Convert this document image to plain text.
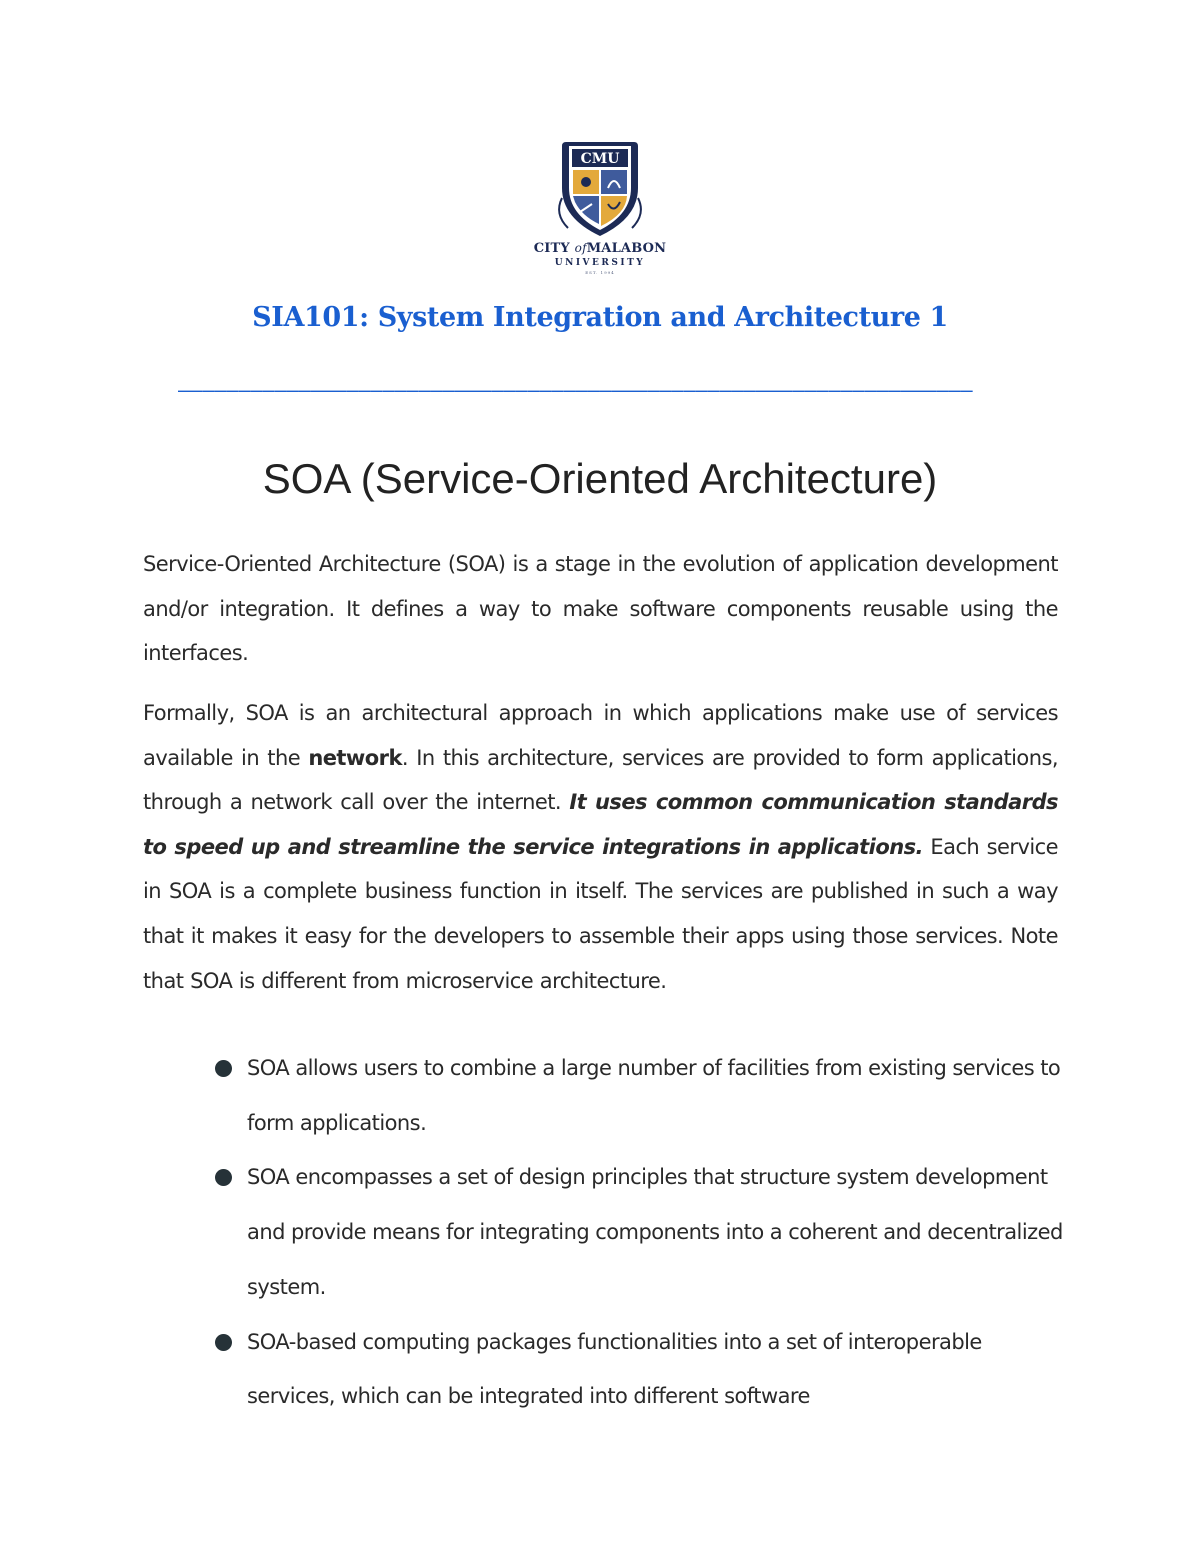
CMU
CITY ofMALABON
UNIVERSITY
EST. 1994
SIA101: System Integration and Architecture 1
——————————————————————————————————————————————————————————————————
SOA (Service-Oriented Architecture)

Service-Oriented Architecture (SOA) is a stage in the evolution of application development and/or integration. It defines a way to make software components reusable using the interfaces.

Formally, SOA is an architectural approach in which applications make use of services available in the network. In this architecture, services are provided to form applications, through a network call over the internet. It uses common communication standards to speed up and streamline the service integrations in applications. Each service in SOA is a complete business function in itself. The services are published in such a way that it makes it easy for the developers to assemble their apps using those services. Note that SOA is different from microservice architecture.

SOA allows users to combine a large number of facilities from existing services to form applications.
SOA encompasses a set of design principles that structure system development and provide means for integrating components into a coherent and decentralized system.
SOA-based computing packages functionalities into a set of interoperable services, which can be integrated into different software
